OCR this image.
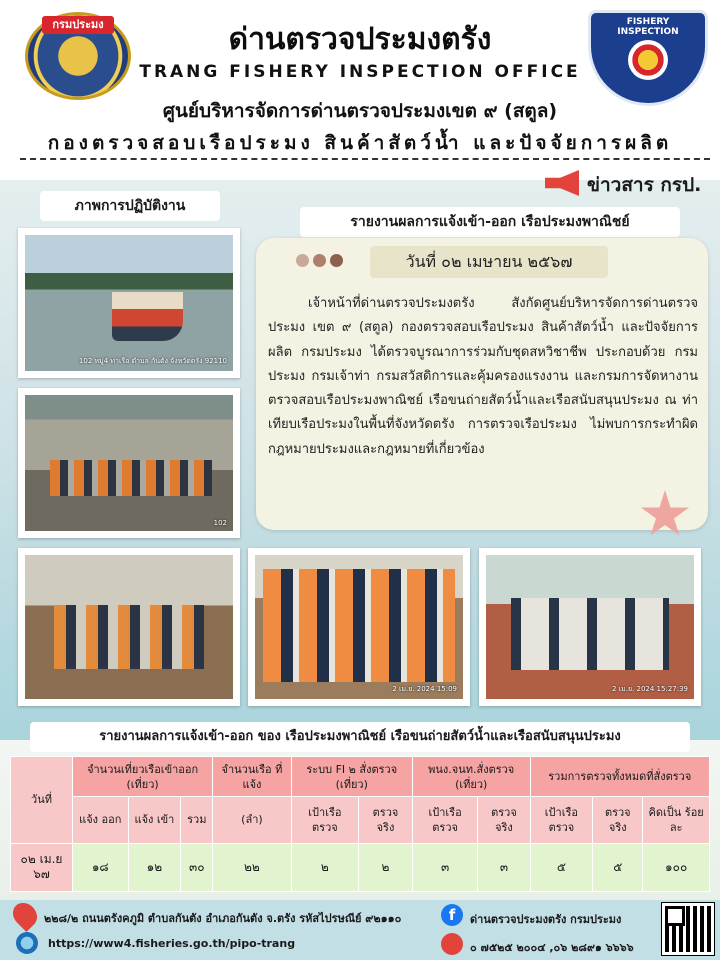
กรมประมง	FISHERY INSPECTION
ด่านตรวจประมงตรัง
TRANG FISHERY INSPECTION OFFICE
ศูนย์บริหารจัดการด่านตรวจประมงเขต ๙ (สตูล)
กองตรวจสอบเรือประมง สินค้าสัตว์น้ำ และปัจจัยการผลิต
ข่าวสาร กรป.
ภาพการปฏิบัติงาน
รายงานผลการแจ้งเข้า-ออก เรือประมงพาณิชย์
102 หมู่4 ท่าเรือ ตำบล กันตัง จังหวัดตรัง 92110
102
วันที่ ๐๒ เมษายน ๒๕๖๗
เจ้าหน้าที่ด่านตรวจประมงตรัง สังกัดศูนย์บริหารจัดการด่านตรวจประมง เขต ๙ (สตูล) กองตรวจสอบเรือประมง สินค้าสัตว์น้ำ และปัจจัยการผลิต กรมประมง ได้ตรวจบูรณาการร่วมกับชุดสหวิชาชีพ ประกอบด้วย กรมประมง กรมเจ้าท่า กรมสวัสดิการและคุ้มครองแรงงาน และกรมการจัดหางาน ตรวจสอบเรือประมงพาณิชย์ เรือขนถ่ายสัตว์น้ำและเรือสนับสนุนประมง ณ ท่าเทียบเรือประมงในพื้นที่จังหวัดตรัง การตรวจเรือประมง ไม่พบการกระทำผิดกฎหมายประมงและกฎหมายที่เกี่ยวข้อง
2 เม.ย. 2024 15:09	2 เม.ย. 2024 15:27:39
รายงานผลการแจ้งเข้า-ออก ของ เรือประมงพาณิชย์ เรือขนถ่ายสัตว์น้ำและเรือสนับสนุนประมง
วันที่	จำนวนเที่ยวเรือเข้าออก (เที่ยว)			จำนวนเรือ ที่แจ้ง	ระบบ FI ๒ สั่งตรวจ (เที่ยว)		พนง.จนท.สั่งตรวจ (เที่ยว)		รวมการตรวจทั้งหมดที่สั่งตรวจ		
	แจ้ง ออก	แจ้ง เข้า	รวม	(ลำ)	เป้าเรือ ตรวจ	ตรวจ จริง	เป้าเรือ ตรวจ	ตรวจ จริง	เป้าเรือ ตรวจ	ตรวจ จริง	คิดเป็น ร้อยละ
๐๒ เม.ย ๖๗	๑๘	๑๒	๓๐	๒๒	๒	๒	๓	๓	๕	๕	๑๐๐
๒๒๘/๒ ถนนตรังคภูมิ ตำบลกันตัง อำเภอกันตัง จ.ตรัง รหัสไปรษณีย์ ๙๒๑๑๐
https://www4.fisheries.go.th/pipo-trang
f	ด่านตรวจประมงตรัง กรมประมง
๐ ๗๕๒๕ ๒๐๐๔ ,๐๖ ๒๘๙๑ ๖๖๖๖
